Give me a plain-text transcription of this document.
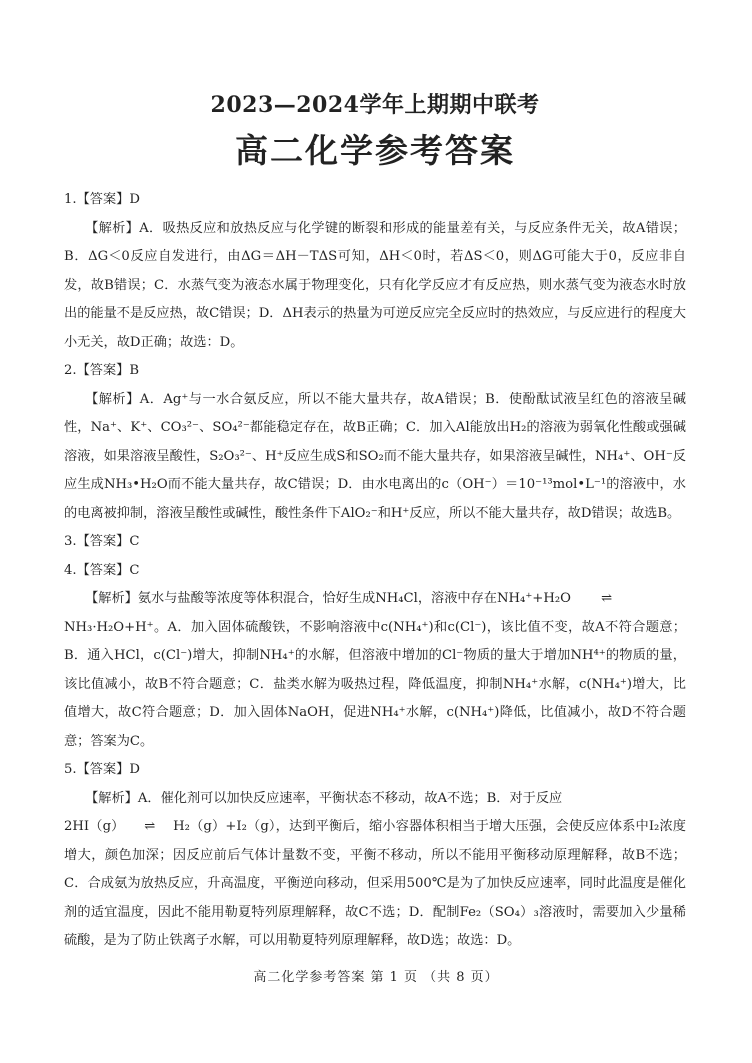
2023—2024学年上期期中联考
高二化学参考答案

1.【答案】D

【解析】A．吸热反应和放热反应与化学键的断裂和形成的能量差有关，与反应条件无关，故A错误；B．ΔG＜0反应自发进行，由ΔG＝ΔH－TΔS可知，ΔH＜0时，若ΔS＜0，则ΔG可能大于0，反应非自发，故B错误；C．水蒸气变为液态水属于物理变化，只有化学反应才有反应热，则水蒸气变为液态水时放出的能量不是反应热，故C错误；D．ΔH表示的热量为可逆反应完全反应时的热效应，与反应进行的程度大小无关，故D正确；故选：D。

2.【答案】B

【解析】A．Ag⁺与一水合氨反应，所以不能大量共存，故A错误；B．使酚酞试液呈红色的溶液呈碱性，Na⁺、K⁺、CO₃²⁻、SO₄²⁻都能稳定存在，故B正确；C．加入Al能放出H₂的溶液为弱氧化性酸或强碱溶液，如果溶液呈酸性，S₂O₃²⁻、H⁺反应生成S和SO₂而不能大量共存，如果溶液呈碱性，NH₄⁺、OH⁻反应生成NH₃•H₂O而不能大量共存，故C错误；D．由水电离出的c（OH⁻）＝10⁻¹³mol•L⁻¹的溶液中，水的电离被抑制，溶液呈酸性或碱性，酸性条件下AlO₂⁻和H⁺反应，所以不能大量共存，故D错误；故选B。

3.【答案】C

4.【答案】C

【解析】氨水与盐酸等浓度等体积混合，恰好生成NH₄Cl，溶液中存在NH₄⁺+H₂O ⇌

NH₃·H₂O+H⁺。A．加入固体硫酸铁，不影响溶液中c(NH₄⁺)和c(Cl⁻)，该比值不变，故A不符合题意；B．通入HCl，c(Cl⁻)增大，抑制NH₄⁺的水解，但溶液中增加的Cl⁻物质的量大于增加NH⁴⁺的物质的量，该比值减小，故B不符合题意；C．盐类水解为吸热过程，降低温度，抑制NH₄⁺水解，c(NH₄⁺)增大，比值增大，故C符合题意；D．加入固体NaOH，促进NH₄⁺水解，c(NH₄⁺)降低，比值减小，故D不符合题意；答案为C。

5.【答案】D

【解析】A．催化剂可以加快反应速率，平衡状态不移动，故A不选；B．对于反应

2HI（g） ⇌ H₂（g）+I₂（g），达到平衡后，缩小容器体积相当于增大压强，会使反应体系中I₂浓度增大，颜色加深；因反应前后气体计量数不变，平衡不移动，所以不能用平衡移动原理解释，故B不选；C．合成氨为放热反应，升高温度，平衡逆向移动，但采用500℃是为了加快反应速率，同时此温度是催化剂的适宜温度，因此不能用勒夏特列原理解释，故C不选；D．配制Fe₂（SO₄）₃溶液时，需要加入少量稀硫酸，是为了防止铁离子水解，可以用勒夏特列原理解释，故D选；故选：D。

高二化学参考答案 第 1 页 （共 8 页）
